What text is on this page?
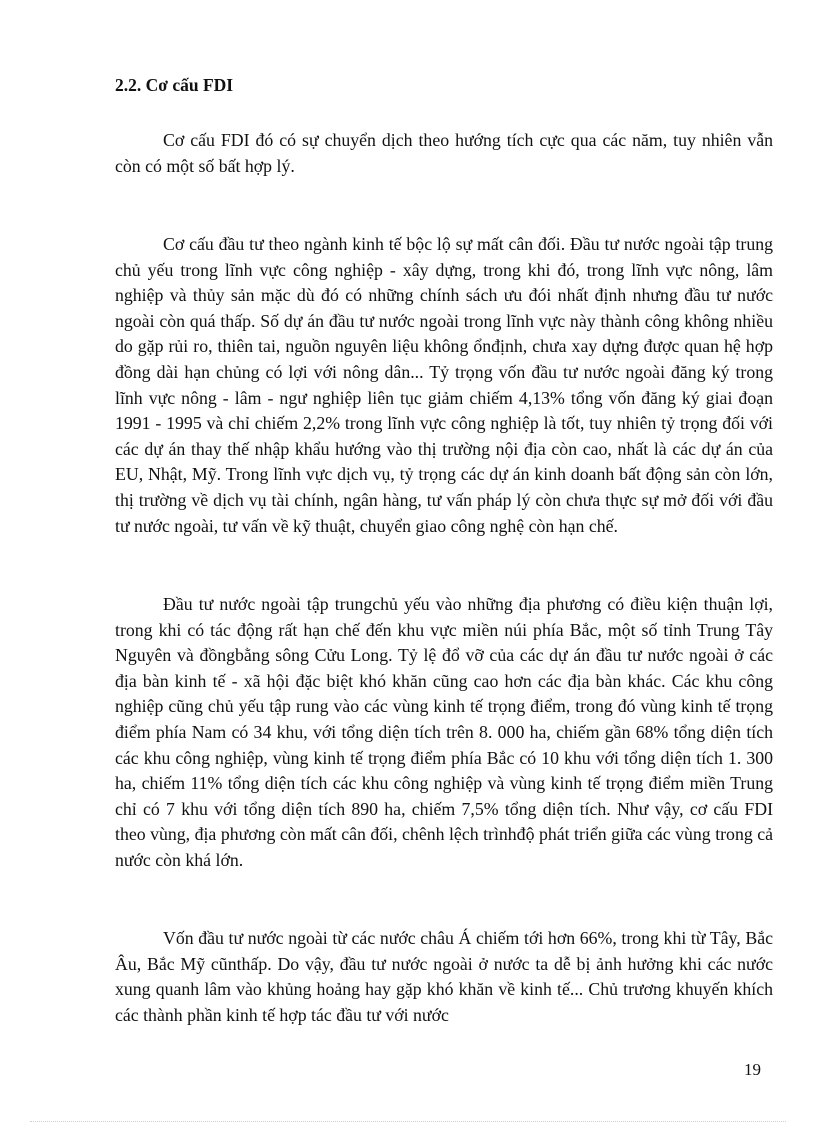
2.2. Cơ cấu FDI

Cơ cấu FDI đó có sự chuyển dịch theo hướng tích cực qua các năm, tuy nhiên vẫn còn có một số bất hợp lý.

Cơ cấu đầu tư theo ngành kinh tế bộc lộ sự mất cân đối. Đầu tư nước ngoài tập trung chủ yếu trong lĩnh vực công nghiệp - xây dựng, trong khi đó, trong lĩnh vực nông, lâm nghiệp và thủy sản mặc dù đó có những chính sách ưu đói nhất định nhưng đầu tư nước ngoài còn quá thấp. Số dự án đầu tư nước ngoài trong lĩnh vực này thành công không nhiều do gặp rủi ro, thiên tai, nguồn nguyên liệu không ổnđịnh, chưa xay dựng được quan hệ hợp đồng dài hạn chủng có lợi với nông dân... Tỷ trọng vốn đầu tư nước ngoài đăng ký trong lĩnh vực nông - lâm - ngư nghiệp liên tục giảm chiếm 4,13% tổng vốn đăng ký giai đoạn 1991 - 1995 và chỉ chiếm 2,2% trong lĩnh vực công nghiệp là tốt, tuy nhiên tỷ trọng đối với các dự án thay thế nhập khẩu hướng vào thị trường nội địa còn cao, nhất là các dự án của EU, Nhật, Mỹ. Trong lĩnh vực dịch vụ, tỷ trọng các dự án kinh doanh bất động sản còn lớn, thị trường về dịch vụ tài chính, ngân hàng, tư vấn pháp lý còn chưa thực sự mở đối với đầu tư nước ngoài, tư vấn về kỹ thuật, chuyển giao công nghệ còn hạn chế.

Đầu tư nước ngoài tập trungchủ yếu vào những địa phương có điều kiện thuận lợi, trong khi có tác động rất hạn chế đến khu vực miền núi phía Bắc, một số tỉnh Trung Tây Nguyên và đồngbằng sông Cửu Long. Tỷ lệ đổ vỡ của các dự án đầu tư nước ngoài ở các địa bàn kinh tế - xã hội đặc biệt khó khăn cũng cao hơn các địa bàn khác. Các khu công nghiệp cũng chủ yếu tập rung vào các vùng kinh tế trọng điểm, trong đó vùng kinh tế trọng điểm phía Nam có 34 khu, với tổng diện tích trên 8. 000 ha, chiếm gần 68% tổng diện tích các khu công nghiệp, vùng kinh tế trọng điểm phía Bắc có 10 khu với tổng diện tích 1. 300 ha, chiếm 11% tổng diện tích các khu công nghiệp và vùng kinh tế trọng điểm miền Trung chỉ có 7 khu với tổng diện tích 890 ha, chiếm 7,5% tổng diện tích. Như vậy, cơ cấu FDI theo vùng, địa phương còn mất cân đối, chênh lệch trìnhđộ phát triển giữa các vùng trong cả nước còn khá lớn.

Vốn đầu tư nước ngoài từ các nước châu Á chiếm tới hơn 66%, trong khi từ Tây, Bắc Âu, Bắc Mỹ cũnthấp. Do vậy, đầu tư nước ngoài ở nước ta dễ bị ảnh hưởng khi các nước xung quanh lâm vào khủng hoảng hay gặp khó khăn về kinh tế... Chủ trương khuyến khích các thành phần kinh tế hợp tác đầu tư với nước

19
